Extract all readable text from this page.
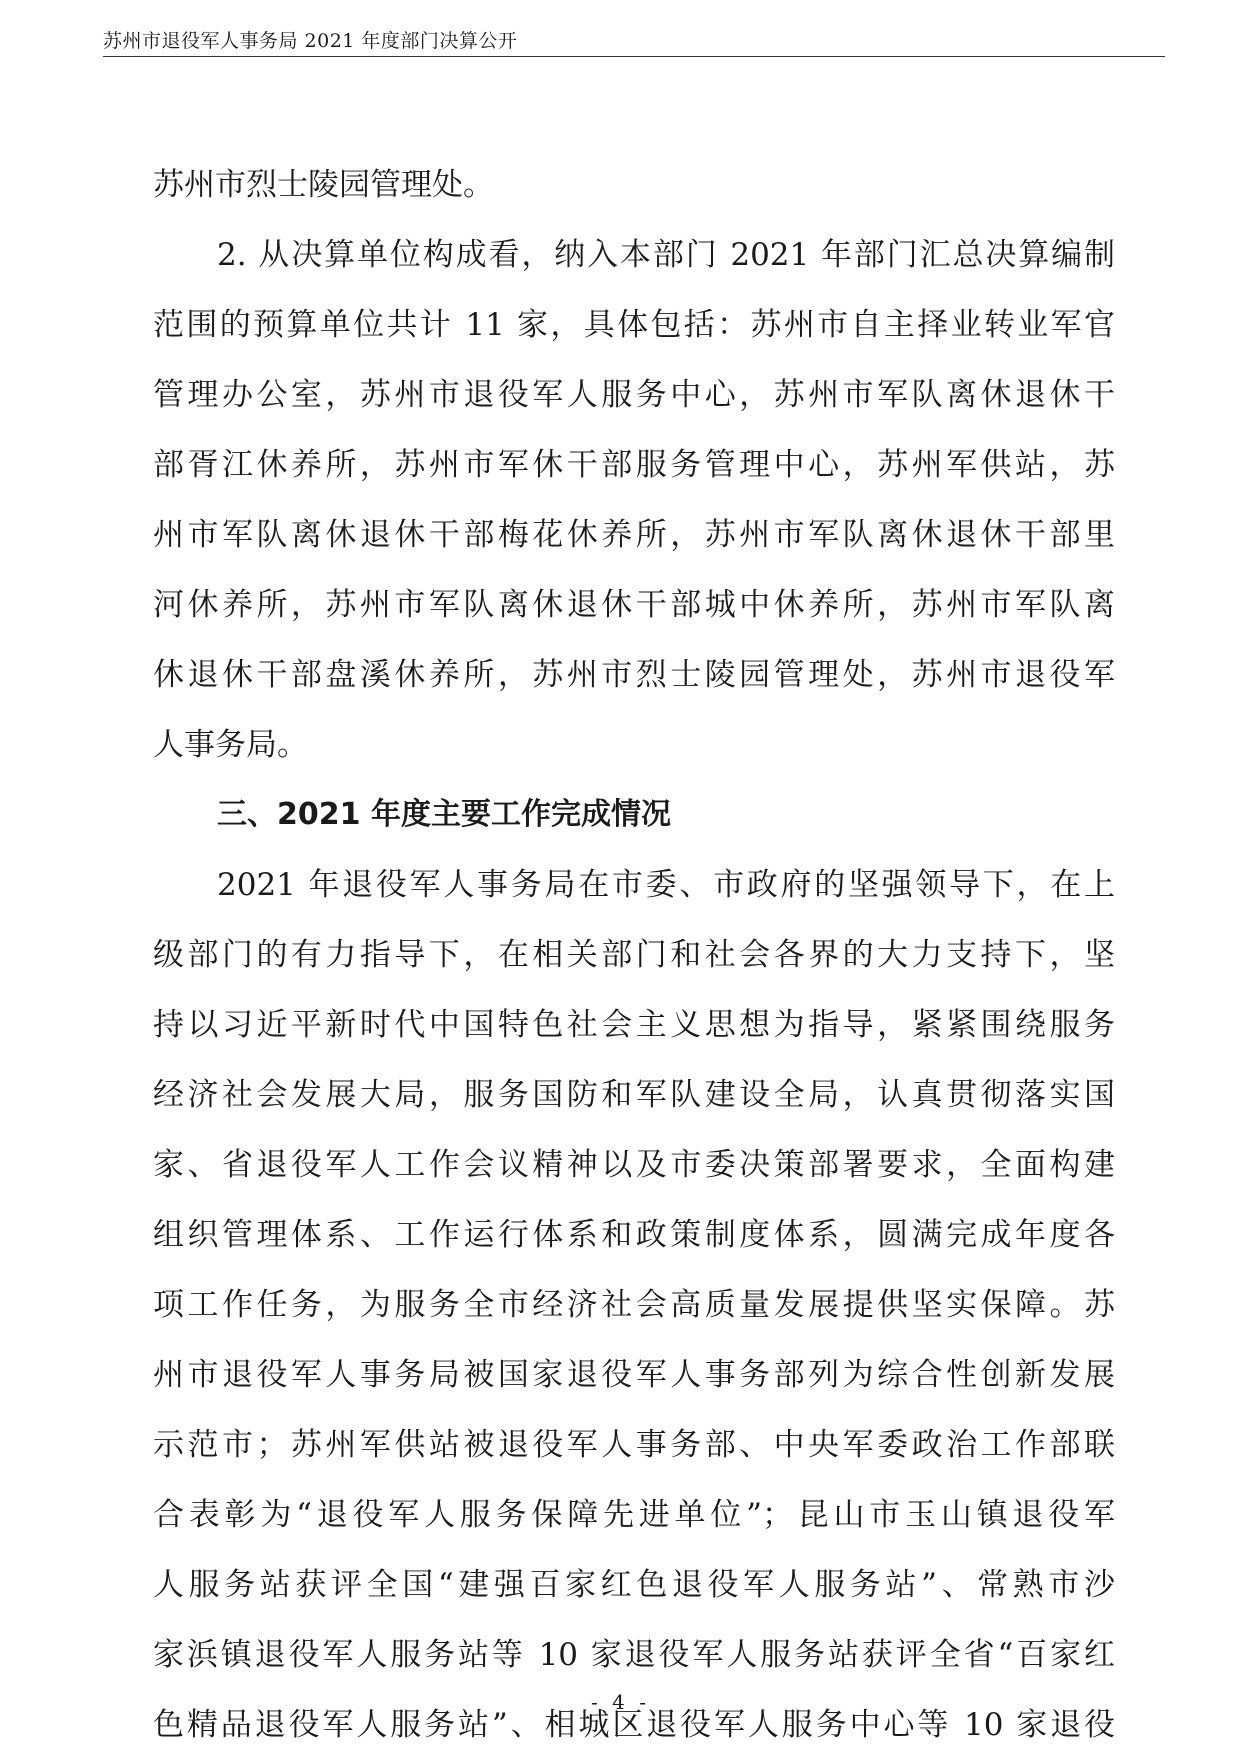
苏州市退役军人事务局 2021 年度部门决算公开
苏州市烈士陵园管理处。
2. 从决算单位构成看，纳入本部门 2021 年部门汇总决算编制
范围的预算单位共计 11 家，具体包括：苏州市自主择业转业军官
管理办公室，苏州市退役军人服务中心，苏州市军队离休退休干
部胥江休养所，苏州市军休干部服务管理中心，苏州军供站，苏
州市军队离休退休干部梅花休养所，苏州市军队离休退休干部里
河休养所，苏州市军队离休退休干部城中休养所，苏州市军队离
休退休干部盘溪休养所，苏州市烈士陵园管理处，苏州市退役军
人事务局。
三、2021 年度主要工作完成情况
2021 年退役军人事务局在市委、市政府的坚强领导下，在上
级部门的有力指导下，在相关部门和社会各界的大力支持下，坚
持以习近平新时代中国特色社会主义思想为指导，紧紧围绕服务
经济社会发展大局，服务国防和军队建设全局，认真贯彻落实国
家、省退役军人工作会议精神以及市委决策部署要求，全面构建
组织管理体系、工作运行体系和政策制度体系，圆满完成年度各
项工作任务，为服务全市经济社会高质量发展提供坚实保障。苏
州市退役军人事务局被国家退役军人事务部列为综合性创新发展
示范市；苏州军供站被退役军人事务部、中央军委政治工作部联
合表彰为“退役军人服务保障先进单位”；昆山市玉山镇退役军
人服务站获评全国“建强百家红色退役军人服务站”、常熟市沙
家浜镇退役军人服务站等 10 家退役军人服务站获评全省“百家红
色精品退役军人服务站”、相城区退役军人服务中心等 10 家退役
- 4 -
